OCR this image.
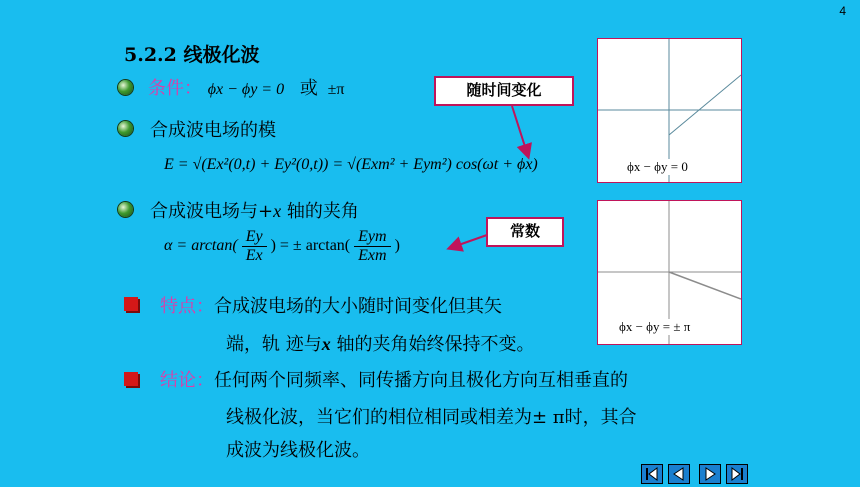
4
5.2.2 线极化波
条件： ϕx − ϕy = 0 或 ±π
合成波电场的模
E = √(Ex²(0,t) + Ey²(0,t)) = √(Exm² + Eym²) cos(ωt + ϕx)
合成波电场与+x 轴的夹角
$\alpha = \arctan( \frac{Ey}{Ex}$ ) = ± $\arctan( \frac{\text{Eym}}{\text{Exm}}$ )
特点：合成波电场的大小随时间变化但其矢
端，轨 迹与x 轴的夹角始终保持不变。
结论：任何两个同频率、同传播方向且极化方向互相垂直的
线极化波，当它们的相位相同或相差为± π时，其合
成波为线极化波。
随时间变化
常数
ϕx − ϕy = 0
ϕx − ϕy = ± π
